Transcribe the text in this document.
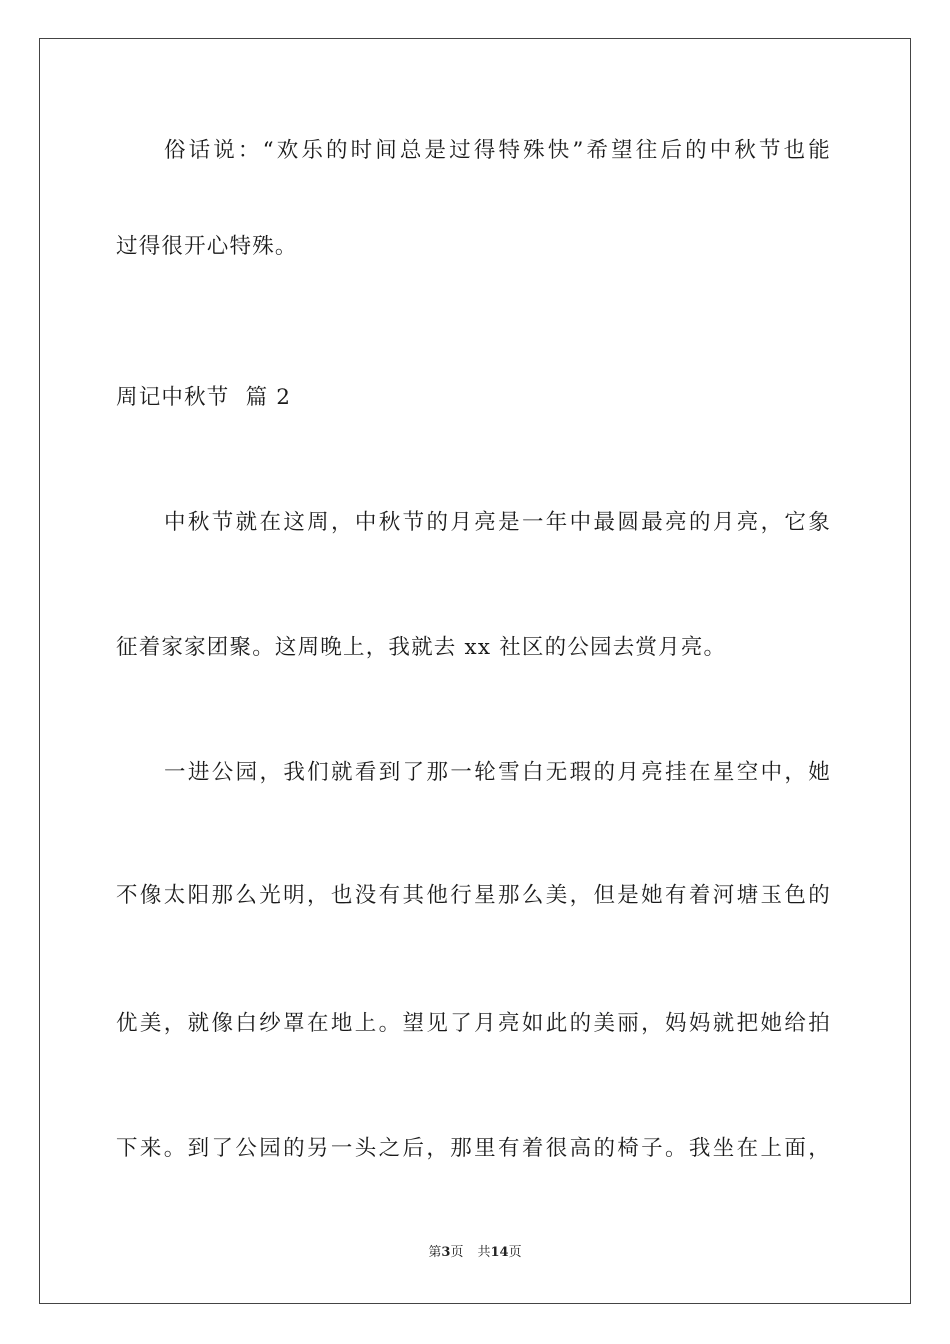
俗话说：“欢乐的时间总是过得特殊快”希望往后的中秋节也能
过得很开心特殊。
周记中秋节  篇 2
中秋节就在这周，中秋节的月亮是一年中最圆最亮的月亮，它象
征着家家团聚。这周晚上，我就去 xx 社区的公园去赏月亮。
一进公园，我们就看到了那一轮雪白无瑕的月亮挂在星空中，她
不像太阳那么光明，也没有其他行星那么美，但是她有着河塘玉色的
优美，就像白纱罩在地上。望见了月亮如此的美丽，妈妈就把她给拍
下来。到了公园的另一头之后，那里有着很高的椅子。我坐在上面，
第3页 共14页
